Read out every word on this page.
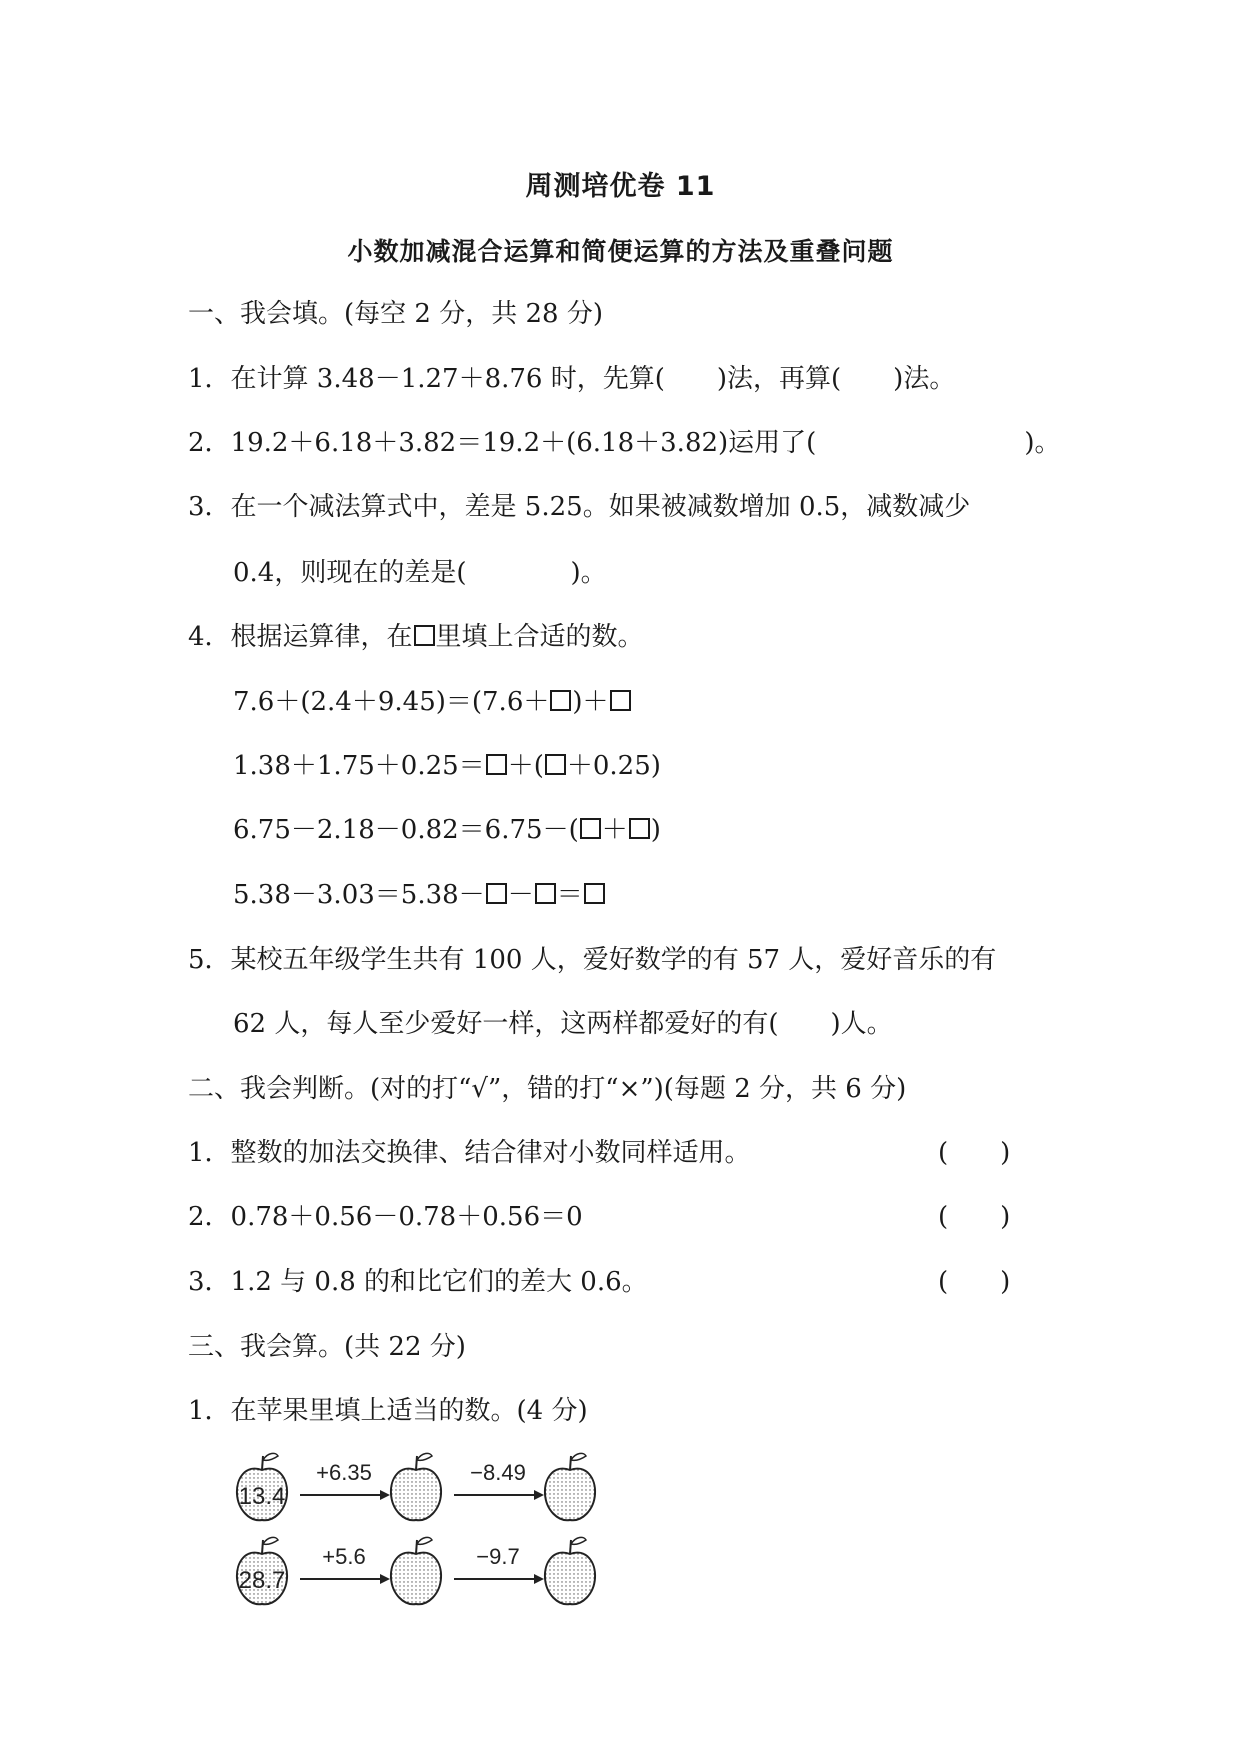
周测培优卷 11
小数加减混合运算和简便运算的方法及重叠问题
一、我会填。(每空 2 分，共 28 分)
1．在计算 3.48－1.27＋8.76 时，先算(　　)法，再算(　　)法。
2．19.2＋6.18＋3.82＝19.2＋(6.18＋3.82)运用了(　　　　　　　　)。
3．在一个减法算式中，差是 5.25。如果被减数增加 0.5，减数减少
0.4，则现在的差是(　　　　)。
4．根据运算律，在 里填上合适的数。
7.6＋(2.4＋9.45)＝(7.6＋ )＋
1.38＋1.75＋0.25＝ ＋( ＋0.25)
6.75－2.18－0.82＝6.75－( ＋ )
5.38－3.03＝5.38－ － ＝
5．某校五年级学生共有 100 人，爱好数学的有 57 人，爱好音乐的有
62 人，每人至少爱好一样，这两样都爱好的有(　　)人。
二、我会判断。(对的打“√”，错的打“×”)(每题 2 分，共 6 分)
1．整数的加法交换律、结合律对小数同样适用。	(　　)
2．0.78＋0.56－0.78＋0.56＝0	(　　)
3．1.2 与 0.8 的和比它们的差大 0.6。	(　　)
三、我会算。(共 22 分)
1．在苹果里填上适当的数。(4 分)
13.4
+6.35	−8.49
28.7
+5.6	−9.7
